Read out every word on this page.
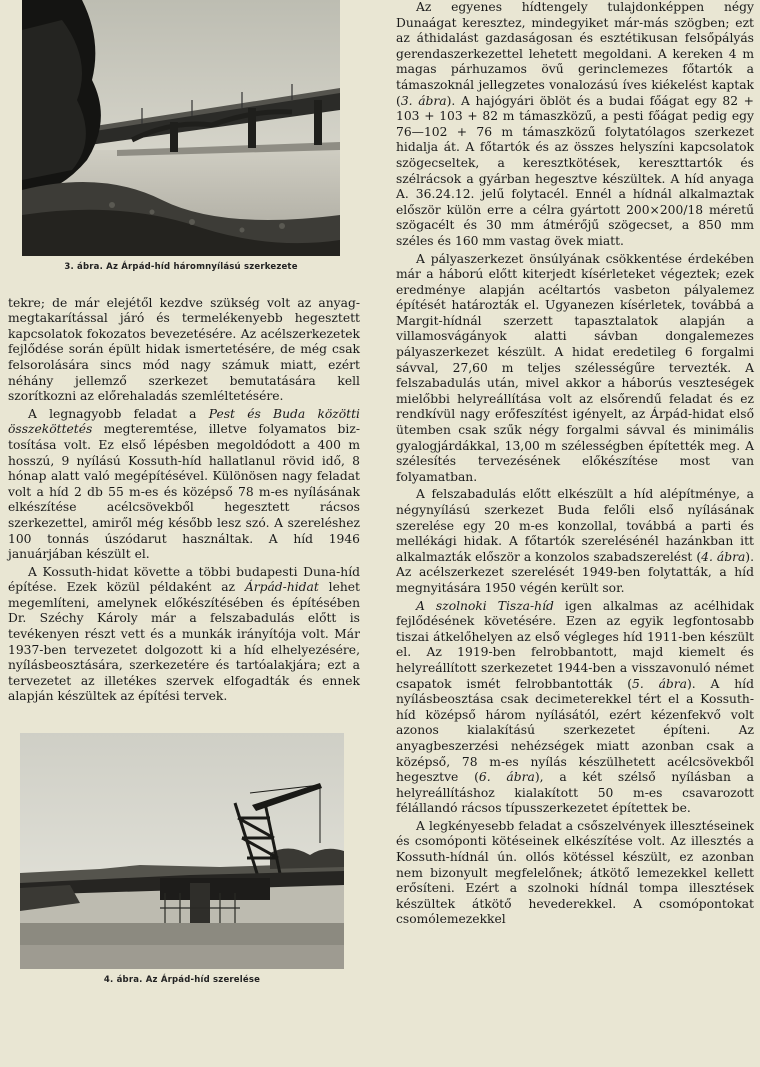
3. ábra. Az Árpád-híd háromnyílású szerkezete

tekre; de már elejétől kezdve szükség volt az anyagmegtakarítással járó és termelékenyebb hegesztett kapcsolatok fokozatos bevezetésére. Az acélszerkezetek fejlődése során épült hidak ismertetésére, de még csak felsorolására sincs mód nagy számuk miatt, ezért néhány jellemző szerkezet bemutatására kell szorítkozni az előrehaladás szemléltetésére.

A legnagyobb feladat a Pest és Buda közötti összeköttetés megteremtése, illetve folyamatos biztosítása volt. Ez első lépésben megoldódott a 400 m hosszú, 9 nyílású Kossuth-híd hallatlanul rövid idő, 8 hónap alatt való megépítésével. Különösen nagy feladat volt a híd 2 db 55 m-es és középső 78 m-es nyílásának elkészítése acélcsövekből hegesztett rácsos szerkezettel, amiről még később lesz szó. A szereléshez 100 tonnás úszódarut használtak. A híd 1946 januárjában készült el.

A Kossuth-hidat követte a többi budapesti Duna-híd építése. Ezek közül példaként az Árpád-hidat lehet megemlíteni, amelynek előkészítésében és építésében Dr. Széchy Károly már a felszabadulás előtt is tevékenyen részt vett és a munkák irányítója volt. Már 1937-ben tervezetet dolgozott ki a híd elhelyezésére, nyílásbeosztására, szerkezetére és tartóalakjára; ezt a tervezetet az illetékes szervek elfogadták és ennek alapján készültek az építési tervek.

4. ábra. Az Árpád-híd szerelése

Az egyenes hídtengely tulajdonképpen négy Dunaágat keresztez, mindegyiket már-más szögben; ezt az áthidalást gazdaságosan és esztétikusan felsőpályás gerendaszerkezettel lehetett megoldani. A kereken 4 m magas párhuzamos övű gerinclemezes főtartók a támaszoknál jellegzetes vonalozású íves kiékelést kaptak (3. ábra). A hajógyári öblöt és a budai főágat egy 82 + 103 + 103 + 82 m támaszközű, a pesti főágat pedig egy 76—102 + 76 m támaszközű folytatólagos szerkezet hidalja át. A főtartók és az összes helyszíni kapcsolatok szögecseltek, a keresztkötések, kereszttartók és szélrácsok a gyárban hegesztve készültek. A híd anyaga A. 36.24.12. jelű folytacél. Ennél a hídnál alkalmaztak először külön erre a célra gyártott 200×200/18 méretű szögacélt és 30 mm átmérőjű szögecset, a 850 mm széles és 160 mm vastag övek miatt.

A pályaszerkezet önsúlyának csökkentése érdekében már a háború előtt kiterjedt kísérleteket végeztek; ezek eredménye alapján acéltartós vasbeton pályalemez építését határozták el. Ugyanezen kísérletek, továbbá a Margit-hídnál szerzett tapasztalatok alapján a villamosvágányok alatti sávban dongalemezes pályaszerkezet készült. A hidat eredetileg 6 forgalmi sávval, 27,60 m teljes szélességűre tervezték. A felszabadulás után, mivel akkor a háborús veszteségek mielőbbi helyreállítása volt az elsőrendű feladat és ez rendkívül nagy erőfeszítést igényelt, az Árpád-hidat első ütemben csak szűk négy forgalmi sávval és minimális gyalogjárdákkal, 13,00 m szélességben építették meg. A szélesítés tervezésének előkészítése most van folyamatban.

A felszabadulás előtt elkészült a híd alépítménye, a négynyílású szerkezet Buda felőli első nyílásának szerelése egy 20 m-es konzollal, továbbá a parti és mellékági hidak. A főtartók szerelésénél hazánkban itt alkalmazták először a konzolos szabadszerelést (4. ábra). Az acélszerkezet szerelését 1949-ben folytatták, a híd megnyitására 1950 végén került sor.

A szolnoki Tisza-híd igen alkalmas az acélhidak fejlődésének követésére. Ezen az egyik legfontosabb tiszai átkelőhelyen az első végleges híd 1911-ben készült el. Az 1919-ben felrobbantott, majd kiemelt és helyreállított szerkezetet 1944-ben a visszavonuló német csapatok ismét felrobbantották (5. ábra). A híd nyílásbeosztása csak decimeterekkel tért el a Kossuth-híd középső három nyílásától, ezért kézenfekvő volt azonos kialakítású szerkezetet építeni. Az anyagbeszerzési nehézségek miatt azonban csak a középső, 78 m-es nyílás készülhetett acélcsövekből hegesztve (6. ábra), a két szélső nyílásban a helyreállításhoz kialakított 50 m-es csavarozott félállandó rácsos típusszerkezetet építettek be.

A legkényesebb feladat a csőszelvények illesztéseinek és csomóponti kötéseinek elkészítése volt. Az illesztés a Kossuth-hídnál ún. ollós kötéssel készült, ez azonban nem bizonyult megfelelőnek; átkötő lemezekkel kellett erősíteni. Ezért a szolnoki hídnál tompa illesztések készültek átkötő hevederekkel. A csomópontokat csomólemezekkel
